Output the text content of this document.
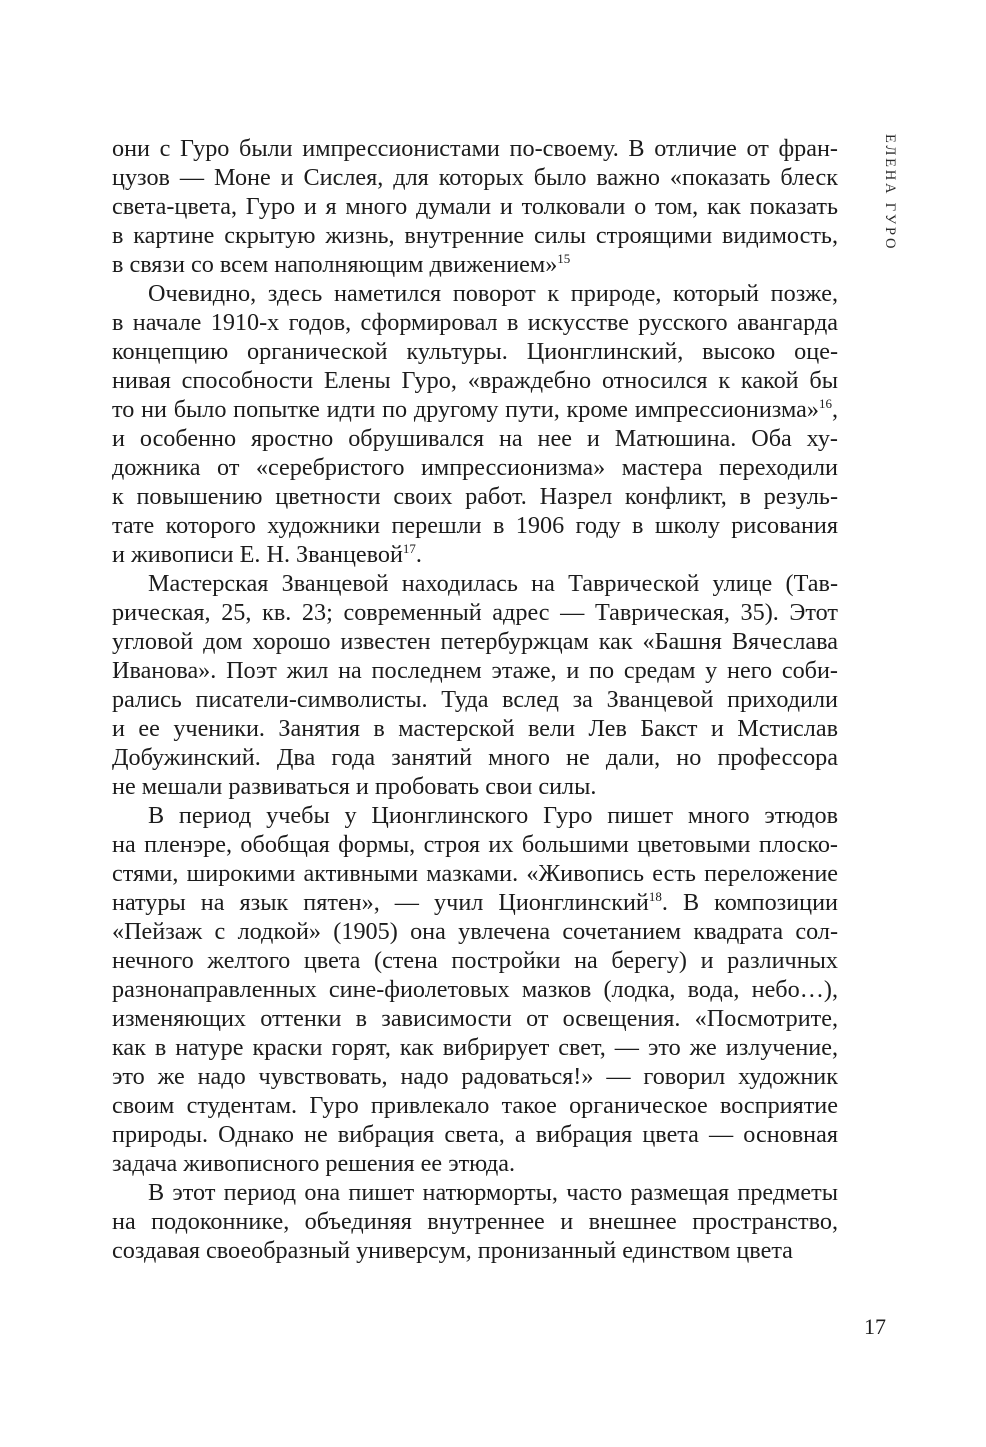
ЕЛЕНА ГУРО

они с Гуро были импрессионистами по-своему. В отличие от фран-
цузов — Моне и Сислея, для которых было важно «показать блеск
света-цвета, Гуро и я много думали и толковали о том, как показать
в картине скрытую жизнь, внутренние силы строящими видимость,
в связи со всем наполняющим движением»$^{15}$

Очевидно, здесь наметился поворот к природе, который позже,
в начале 1910-х годов, сформировал в искусстве русского авангарда
концепцию органической культуры. Ционглинский, высоко оце-
нивая способности Елены Гуро, «враждебно относился к какой бы
то ни было попытке идти по другому пути, кроме импрессионизма»$^{16}$,
и особенно яростно обрушивался на нее и Матюшина. Оба ху-
дожника от «серебристого импрессионизма» мастера переходили
к повышению цветности своих работ. Назрел конфликт, в резуль-
тате которого художники перешли в 1906 году в школу рисования
и живописи Е. Н. Званцевой$^{17}$.

Мастерская Званцевой находилась на Таврической улице (Тав-
рическая, 25, кв. 23; современный адрес — Таврическая, 35). Этот
угловой дом хорошо известен петербуржцам как «Башня Вячеслава
Иванова». Поэт жил на последнем этаже, и по средам у него соби-
рались писатели-символисты. Туда вслед за Званцевой приходили
и ее ученики. Занятия в мастерской вели Лев Бакст и Мстислав
Добужинский. Два года занятий много не дали, но профессора
не мешали развиваться и пробовать свои силы.

В период учебы у Ционглинского Гуро пишет много этюдов
на пленэре, обобщая формы, строя их большими цветовыми плоско-
стями, широкими активными мазками. «Живопись есть переложение
натуры на язык пятен», — учил Ционглинский$^{18}$. В композиции
«Пейзаж с лодкой» (1905) она увлечена сочетанием квадрата сол-
нечного желтого цвета (стена постройки на берегу) и различных
разнонаправленных сине-фиолетовых мазков (лодка, вода, небо…),
изменяющих оттенки в зависимости от освещения. «Посмотрите,
как в натуре краски горят, как вибрирует свет, — это же излучение,
это же надо чувствовать, надо радоваться!» — говорил художник
своим студентам. Гуро привлекало такое органическое восприятие
природы. Однако не вибрация света, а вибрация цвета — основная
задача живописного решения ее этюда.

В этот период она пишет натюрморты, часто размещая предметы
на подоконнике, объединяя внутреннее и внешнее пространство,
создавая своеобразный универсум, пронизанный единством цвета

17
